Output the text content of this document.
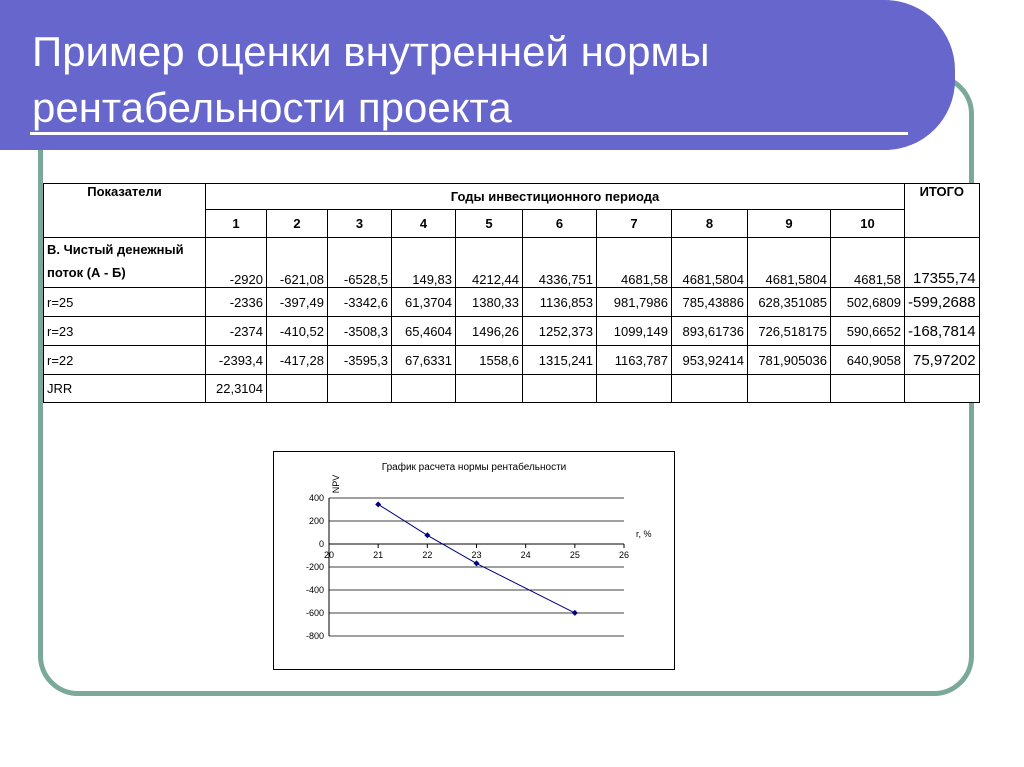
Пример оценки внутренней нормы рентабельности проекта
Показатели	Годы инвестиционного периода										ИТОГО
	1	2	3	4	5	6	7	8	9	10	
В. Чистый денежный поток (А - Б)	-2920	-621,08	-6528,5	149,83	4212,44	4336,751	4681,58	4681,5804	4681,5804	4681,58	17355,74
r=25	-2336	-397,49	-3342,6	61,3704	1380,33	1136,853	981,7986	785,43886	628,351085	502,6809	-599,2688
r=23	-2374	-410,52	-3508,3	65,4604	1496,26	1252,373	1099,149	893,61736	726,518175	590,6652	-168,7814
r=22	-2393,4	-417,28	-3595,3	67,6331	1558,6	1315,241	1163,787	953,92414	781,905036	640,9058	75,97202
JRR	22,3104										
График расчета нормы рентабельности
400
200
0
-200
-400
-600
-800
20	21	22	23	24	25	26
NPV
r, %
